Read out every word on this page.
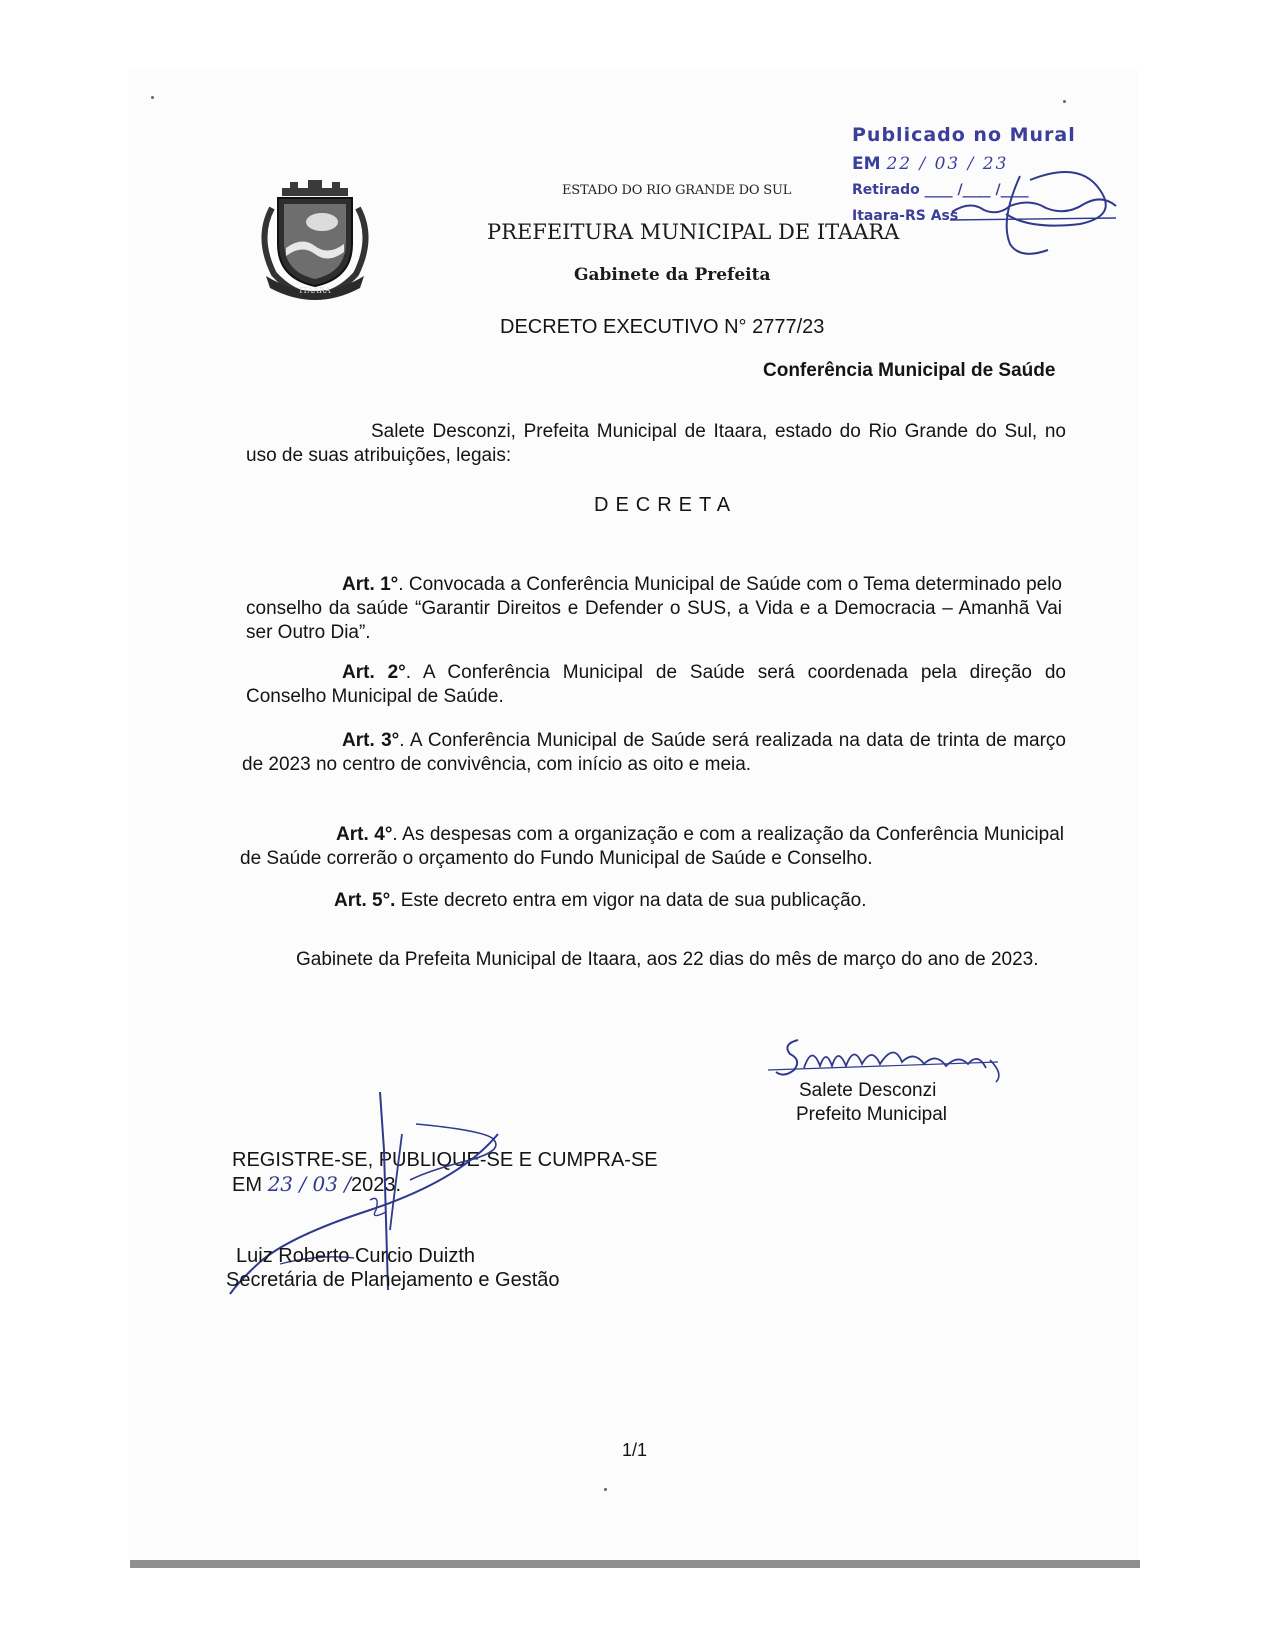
ITAARA
ESTADO DO RIO GRANDE DO SUL
PREFEITURA MUNICIPAL DE ITAARA
Gabinete da Prefeita
Publicado no Mural
EM 22 / 03 / 23
Retirado ____ /____ /____
Itaara-RS Ass
DECRETO EXECUTIVO N° 2777/23
Conferência Municipal de Saúde
Salete Desconzi, Prefeita Municipal de Itaara, estado do Rio Grande do Sul, no uso de suas atribuições, legais:
DECRETA
Art. 1°. Convocada a Conferência Municipal de Saúde com o Tema determinado pelo conselho da saúde “Garantir Direitos e Defender o SUS, a Vida e a Democracia – Amanhã Vai ser Outro Dia”.
Art. 2°. A Conferência Municipal de Saúde será coordenada pela direção do Conselho Municipal de Saúde.
Art. 3°. A Conferência Municipal de Saúde será realizada na data de trinta de março de 2023 no centro de convivência, com início as oito e meia.
Art. 4°. As despesas com a organização e com a realização da Conferência Municipal de Saúde correrão o orçamento do Fundo Municipal de Saúde e Conselho.
Art. 5°. Este decreto entra em vigor na data de sua publicação.
Gabinete da Prefeita Municipal de Itaara, aos 22 dias do mês de março do ano de 2023.
Salete Desconzi
Prefeito Municipal
REGISTRE-SE, PUBLIQUE-SE E CUMPRA-SE
EM 23 / 03 /2023.
Luiz Roberto Curcio Duizth
Secretária de Planejamento e Gestão
1/1
